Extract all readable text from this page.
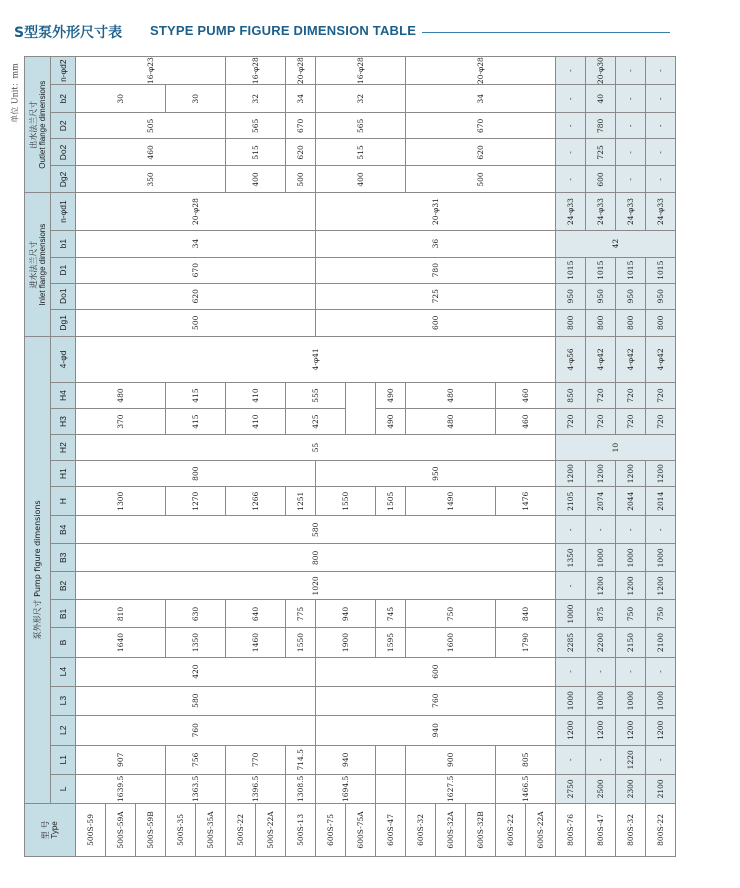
S型泵外形尺寸表 STYPE PUMP FIGURE DIMENSION TABLE
单位 Unit：mm
型 号 Type	泵外形尺寸 Pump figure dimensions																进水法兰尺寸 Inlet flange dimensions					出水法兰尺寸 Outlet flange dimensions				

	L	L1	L2	L3	L4	B	B1	B2	B3	B4	H	H1	H2	H3	H4	4-φd	Dg1	Do1	D1	b1	n-φd1	Dg2	Do2	D2	b2	n-φd2
500S-59	1639.5	907	760	580	420	1640	810	1020	800	580	1300	800	55	370	480	4-φ41	500	620	670	34	20-φ28	350	460	505	30	16-φ23
500S-59A																										
500S-59B																										
500S-35	1363.5	756				1350	630				1270			415	415										30	
500S-35A																										
500S-22	1396.5	770				1460	640				1266			410	410							400	515	565	32	16-φ28
500S-22A																										
500S-13	1308.5	714.5				1550	775				1251			425	555							500	620	670	34	20-φ28
600S-75	1694.5	940	940	760	600	1900	940				1550	950					600	725	780	36	20-φ31	400	515	565	32	16-φ28
600S-75A																										
600S-47						1595	745				1505			490	490											
600S-32	1627.5	900				1600	750				1490			480	480							500	620	670	34	20-φ28
600S-32A																										
600S-32B																										
600S-22	1466.5	805				1790	840				1476			460	460											
600S-22A																										
800S-76	2750	-	1200	1000	-	2285	1000	-	1350	-	2105	1200	10	720	850	4-φ56	800	950	1015	42	24-φ33	-	-	-	-	-
800S-47	2500	-	1200	1000	-	2200	875	1200	1000	-	2074	1200		720	720	4-φ42	800	950	1015		24-φ33	600	725	780	40	20-φ30
800S-32	2300	1220	1200	1000	-	2150	750	1200	1000	-	2044	1200		720	720	4-φ42	800	950	1015		24-φ33	-	-	-	-	-
800S-22	2100	-	1200	1000	-	2100	750	1200	1000	-	2014	1200		720	720	4-φ42	800	950	1015		24-φ33	-	-	-	-	-
